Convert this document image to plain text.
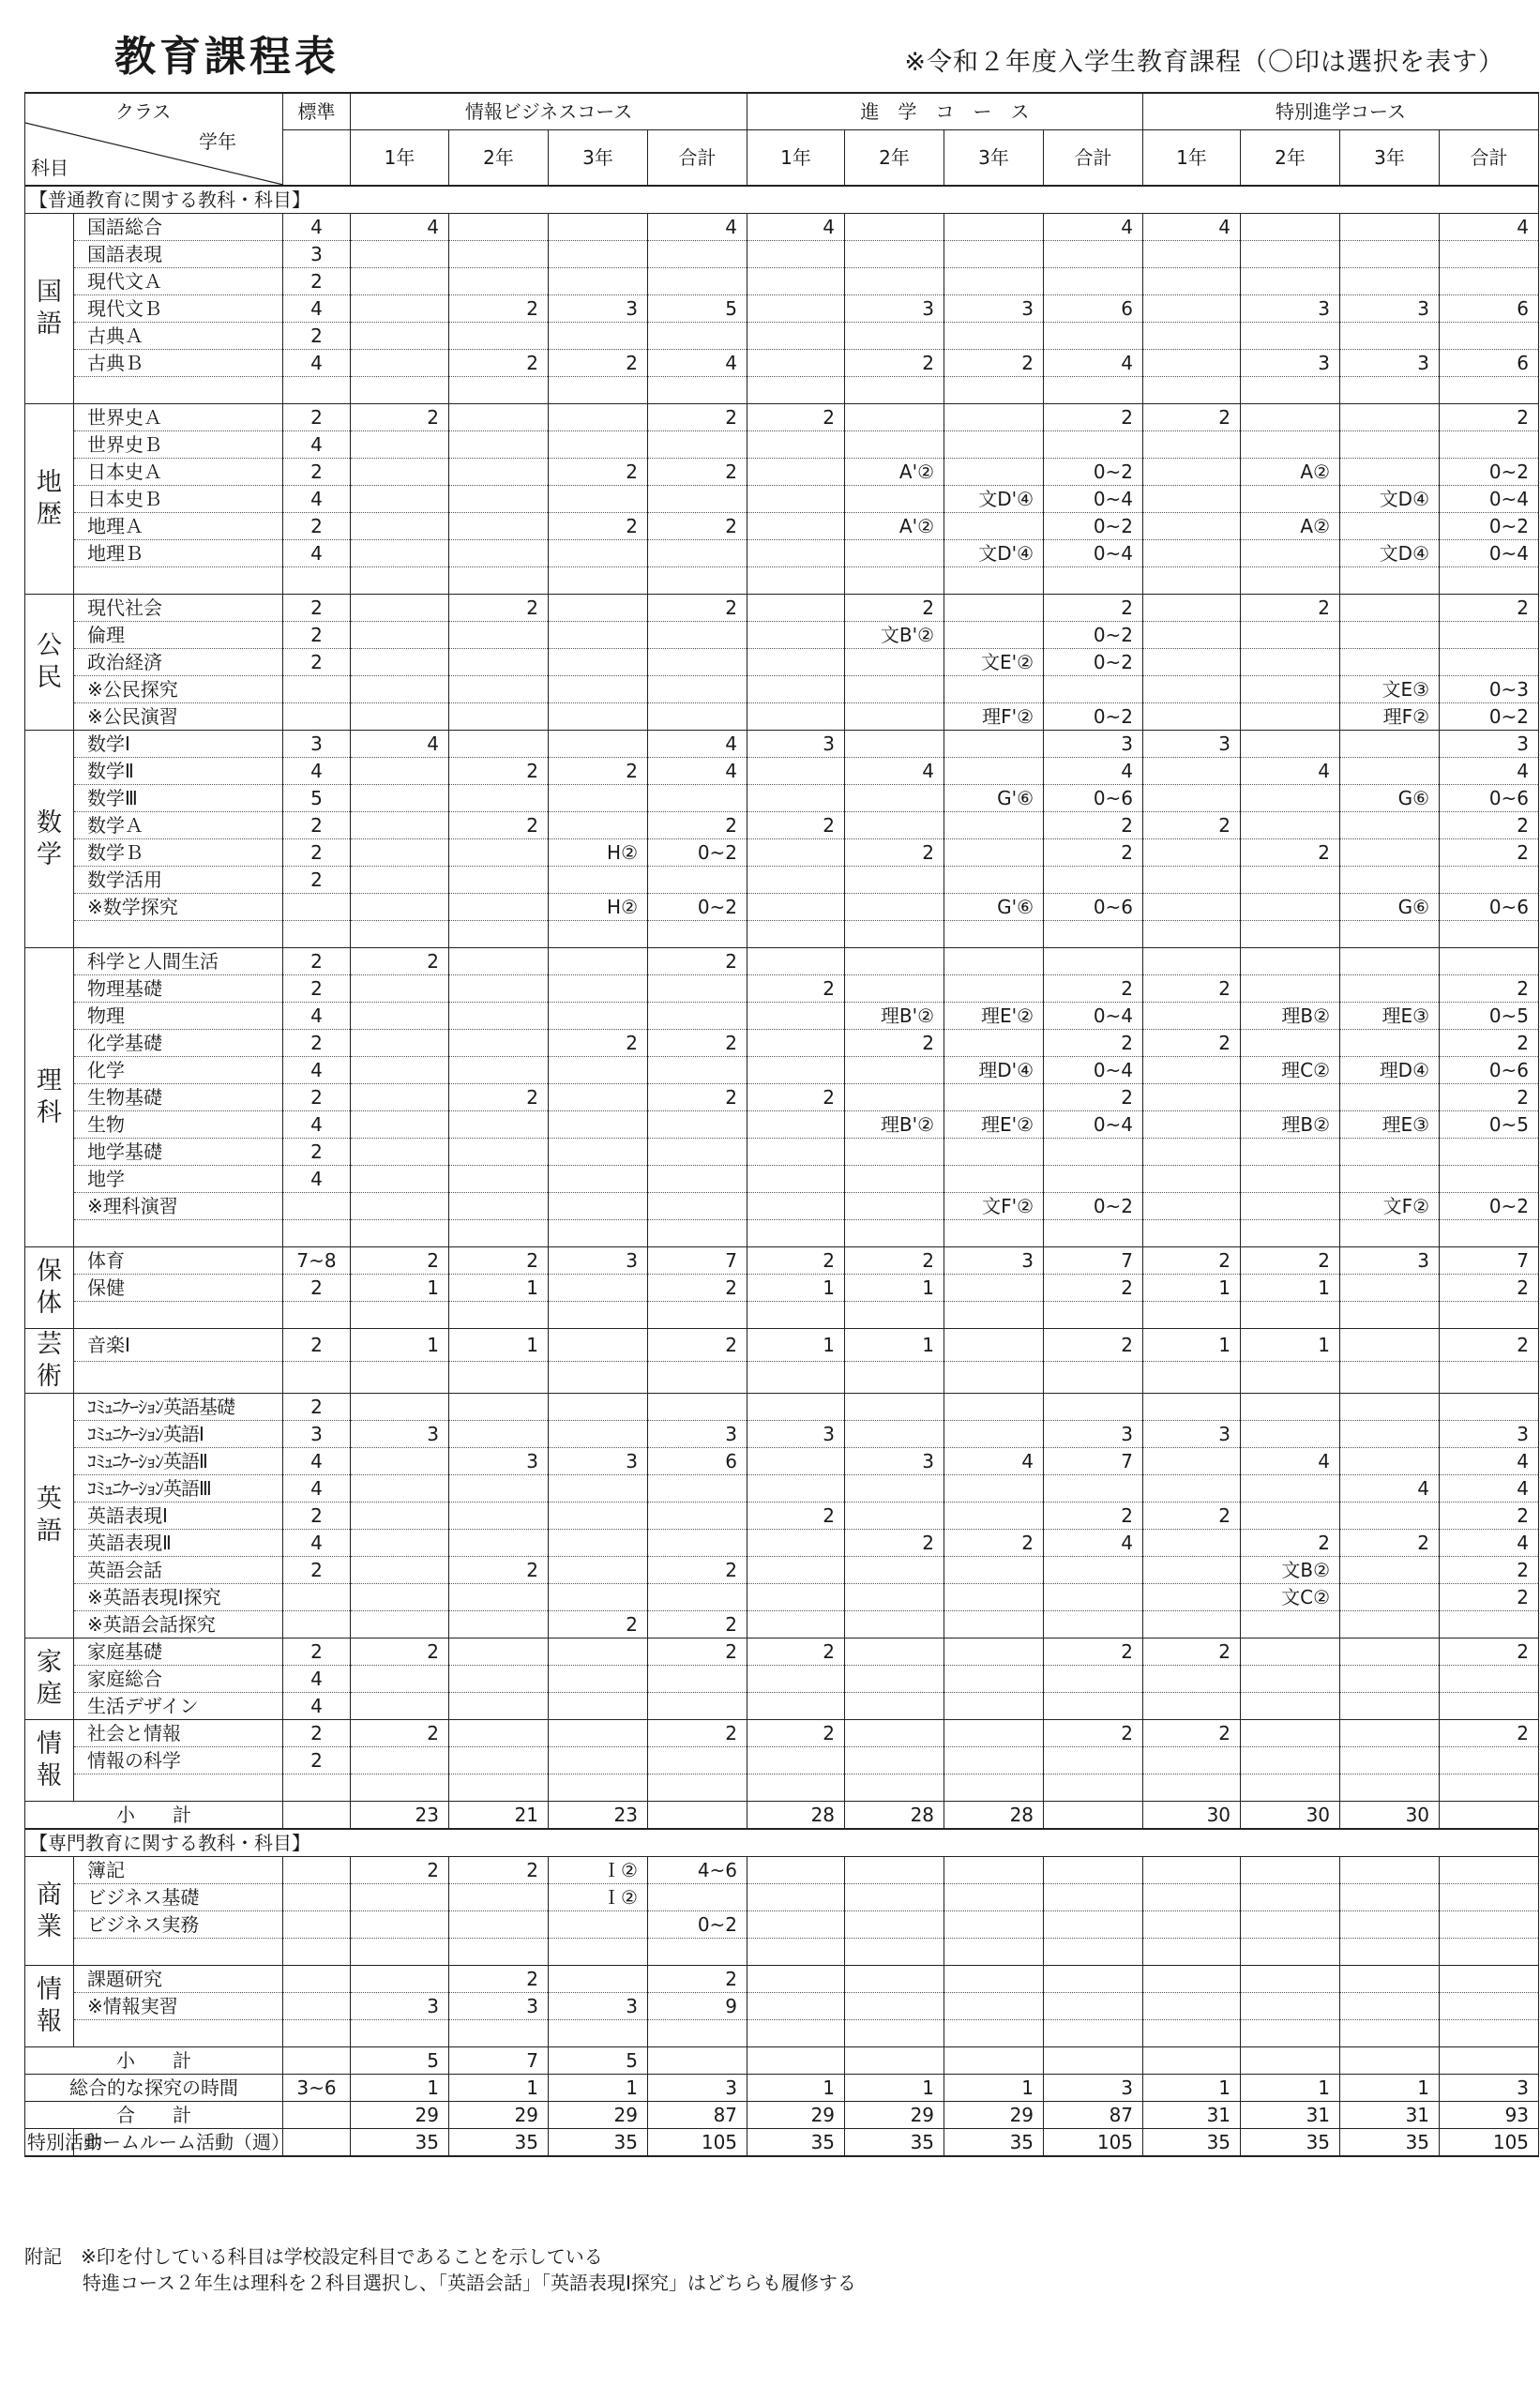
教育課程表	※令和２年度入学生教育課程（〇印は選択を表す）
クラス
学年
科目		標準	情報ビジネスコース				進　学　コ　ー　ス				特別進学コース			
			1年	2年	3年	合計	1年	2年	3年	合計	1年	2年	3年	合計
【普通教育に関する教科・科目】														
国語	国語総合	4	4			4	4			4	4			4
	国語表現	3												
	現代文Ａ	2												
	現代文Ｂ	4		2	3	5		3	3	6		3	3	6
	古典Ａ	2												
	古典Ｂ	4		2	2	4		2	2	4		3	3	6

地歴	世界史Ａ	2	2			2	2			2	2			2
	世界史Ｂ	4												
	日本史Ａ	2			2	2		A'②		0~2		A②		0~2
	日本史Ｂ	4							文D'④	0~4			文D④	0~4
	地理Ａ	2			2	2		A'②		0~2		A②		0~2
	地理Ｂ	4							文D'④	0~4			文D④	0~4

公民	現代社会	2		2		2		2		2		2		2
	倫理	2						文B'②		0~2				
	政治経済	2							文E'②	0~2				
	※公民探究												文E③	0~3
	※公民演習								理F'②	0~2			理F②	0~2
数学	数学Ⅰ	3	4			4	3			3	3			3
	数学Ⅱ	4		2	2	4		4		4		4		4
	数学Ⅲ	5							G'⑥	0~6			G⑥	0~6
	数学Ａ	2		2		2	2			2	2			2
	数学Ｂ	2			H②	0~2		2		2		2		2
	数学活用	2												
	※数学探究				H②	0~2			G'⑥	0~6			G⑥	0~6

理科	科学と人間生活	2	2			2								
	物理基礎	2					2			2	2			2
	物理	4						理B'②	理E'②	0~4		理B②	理E③	0~5
	化学基礎	2			2	2		2		2	2			2
	化学	4							理D'④	0~4		理C②	理D④	0~6
	生物基礎	2		2		2	2			2				2
	生物	4						理B'②	理E'②	0~4		理B②	理E③	0~5
	地学基礎	2												
	地学	4												
	※理科演習								文F'②	0~2			文F②	0~2

保体	体育	7~8	2	2	3	7	2	2	3	7	2	2	3	7
	保健	2	1	1		2	1	1		2	1	1		2

芸術	音楽Ⅰ	2	1	1		2	1	1		2	1	1		2

英語	ｺﾐｭﾆｹｰｼｮﾝ英語基礎	2												
	ｺﾐｭﾆｹｰｼｮﾝ英語Ⅰ	3	3			3	3			3	3			3
	ｺﾐｭﾆｹｰｼｮﾝ英語Ⅱ	4		3	3	6		3	4	7		4		4
	ｺﾐｭﾆｹｰｼｮﾝ英語Ⅲ	4											4	4
	英語表現Ⅰ	2					2			2	2			2
	英語表現Ⅱ	4						2	2	4		2	2	4
	英語会話	2		2		2						文B②		2
	※英語表現Ⅰ探究											文C②		2
	※英語会話探究				2	2								
家庭	家庭基礎	2	2			2	2			2	2			2
	家庭総合	4												
	生活デザイン	4												
情報	社会と情報	2	2			2	2			2	2			2
	情報の科学	2												

小　　計			23	21	23		28	28	28		30	30	30	
【専門教育に関する教科・科目】														
商業	簿記		2	2	Ｉ②	4~6								
	ビジネス基礎				Ｉ②									
	ビジネス実務					0~2								

情報	課題研究			2		2								
	※情報実習		3	3	3	9								

小　　計			5	7	5									
総合的な探究の時間		3~6	1	1	1	3	1	1	1	3	1	1	1	3
合　　計			29	29	29	87	29	29	29	87	31	31	31	93
特別活動	ホームルーム活動（週）		35	35	35	105	35	35	35	105	35	35	35	105
附記　 ※印を付している科目は学校設定科目であることを示している
特進コース２年生は理科を２科目選択し、「英語会話」「英語表現Ⅰ探究」はどちらも履修する
